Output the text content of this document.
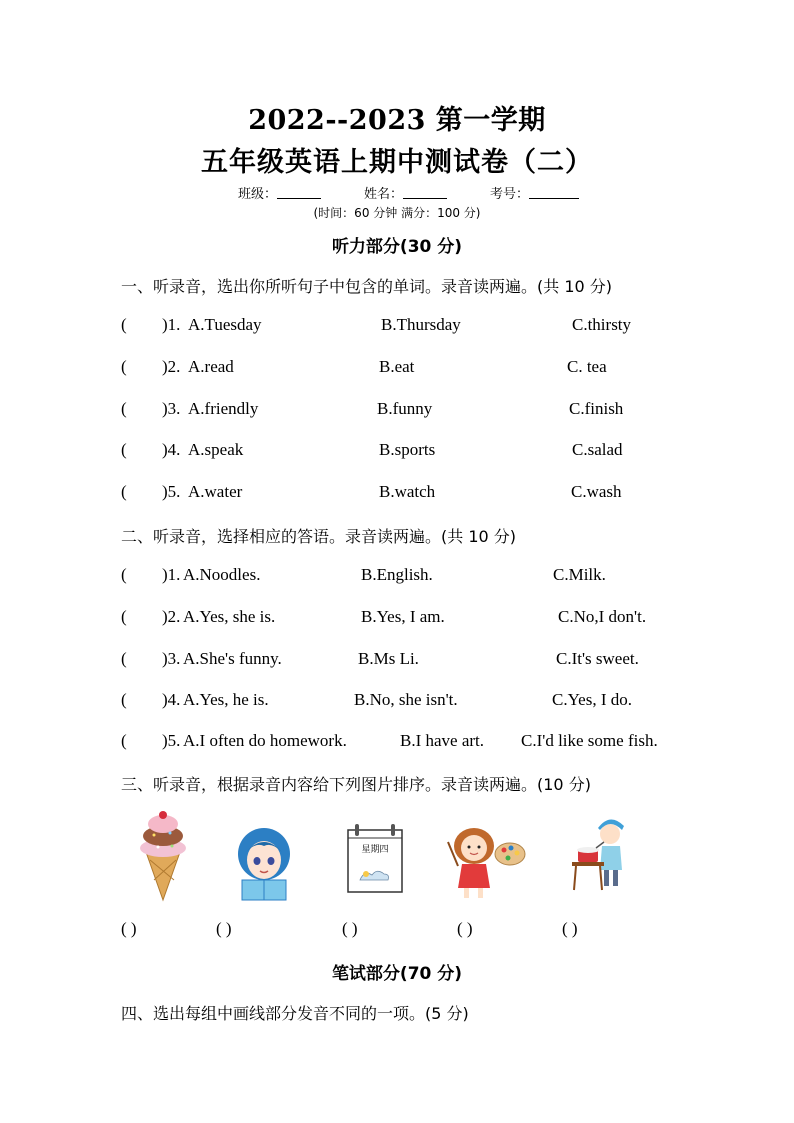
2022--2023 第一学期
五年级英语上期中测试卷（二）
班级：	姓名：	考号：
(时间：60 分钟 满分：100 分)
听力部分(30 分)
一、听录音，选出你所听句子中包含的单词。录音读两遍。(共 10 分)
( )1. A.Tuesday	B.Thursday	C.thirsty
( )2. A.read	B.eat	C. tea
( )3. A.friendly	B.funny	C.finish
( )4. A.speak	B.sports	C.salad
( )5. A.water	B.watch	C.wash
二、听录音，选择相应的答语。录音读两遍。(共 10 分)
( )1. A.Noodles.	B.English.	C.Milk.
( )2. A.Yes, she is.	B.Yes, I am.	C.No,I don't.
( )3. A.She's funny.	B.Ms Li.	C.It's sweet.
( )4. A.Yes, he is.	B.No, she isn't.	C.Yes, I do.
( )5. A.I often do homework.	B.I have art. C.I'd like some fish.
三、听录音，根据录音内容给下列图片排序。录音读两遍。(10 分)
星期四
( )	( )	( )	( )	( )
笔试部分(70 分)
四、选出每组中画线部分发音不同的一项。(5 分)
